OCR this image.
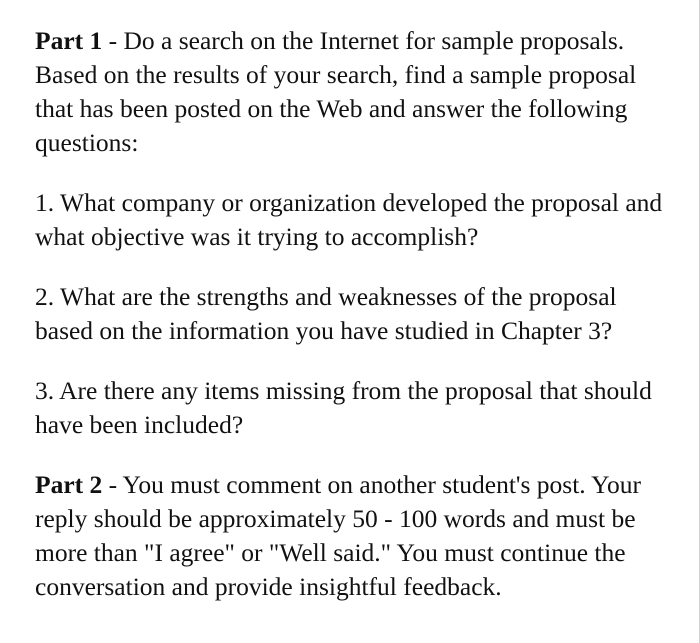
Part 1 - Do a search on the Internet for sample proposals. Based on the results of your search, find a sample proposal that has been posted on the Web and answer the following questions:

1. What company or organization developed the proposal and what objective was it trying to accomplish?

2. What are the strengths and weaknesses of the proposal based on the information you have studied in Chapter 3?

3. Are there any items missing from the proposal that should have been included?

Part 2 - You must comment on another student's post. Your reply should be approximately 50 - 100 words and must be more than "I agree" or "Well said." You must continue the conversation and provide insightful feedback.
